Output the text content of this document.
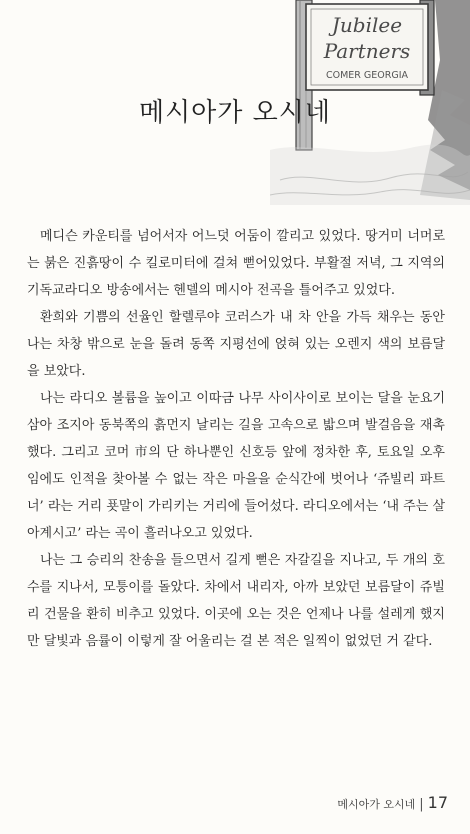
Jubilee
Partners
COMER GEORGIA
메시아가 오시네

메디슨 카운티를 넘어서자 어느덧 어둠이 깔리고 있었다. 땅거미 너머로는 붉은 진흙땅이 수 킬로미터에 걸쳐 뻗어있었다. 부활절 저녁, 그 지역의 기독교라디오 방송에서는 헨델의 메시아 전곡을 틀어주고 있었다.

환희와 기쁨의 선율인 할렐루야 코러스가 내 차 안을 가득 채우는 동안 나는 차창 밖으로 눈을 돌려 동쪽 지평선에 얹혀 있는 오렌지 색의 보름달을 보았다.

나는 라디오 볼륨을 높이고 이따금 나무 사이사이로 보이는 달을 눈요기 삼아 조지아 동북쪽의 흙먼지 날리는 길을 고속으로 밟으며 발걸음을 재촉했다. 그리고 코머 市의 단 하나뿐인 신호등 앞에 정차한 후, 토요일 오후임에도 인적을 찾아볼 수 없는 작은 마을을 순식간에 벗어나 ‘쥬빌리 파트너’ 라는 거리 푯말이 가리키는 거리에 들어섰다. 라디오에서는 ‘내 주는 살아계시고’ 라는 곡이 흘러나오고 있었다.

나는 그 승리의 찬송을 들으면서 길게 뻗은 자갈길을 지나고, 두 개의 호수를 지나서, 모퉁이를 돌았다. 차에서 내리자, 아까 보았던 보름달이 쥬빌리 건물을 환히 비추고 있었다. 이곳에 오는 것은 언제나 나를 설레게 했지만 달빛과 음률이 이렇게 잘 어울리는 걸 본 적은 일찍이 없었던 거 같다.

메시아가 오시네 | 17
